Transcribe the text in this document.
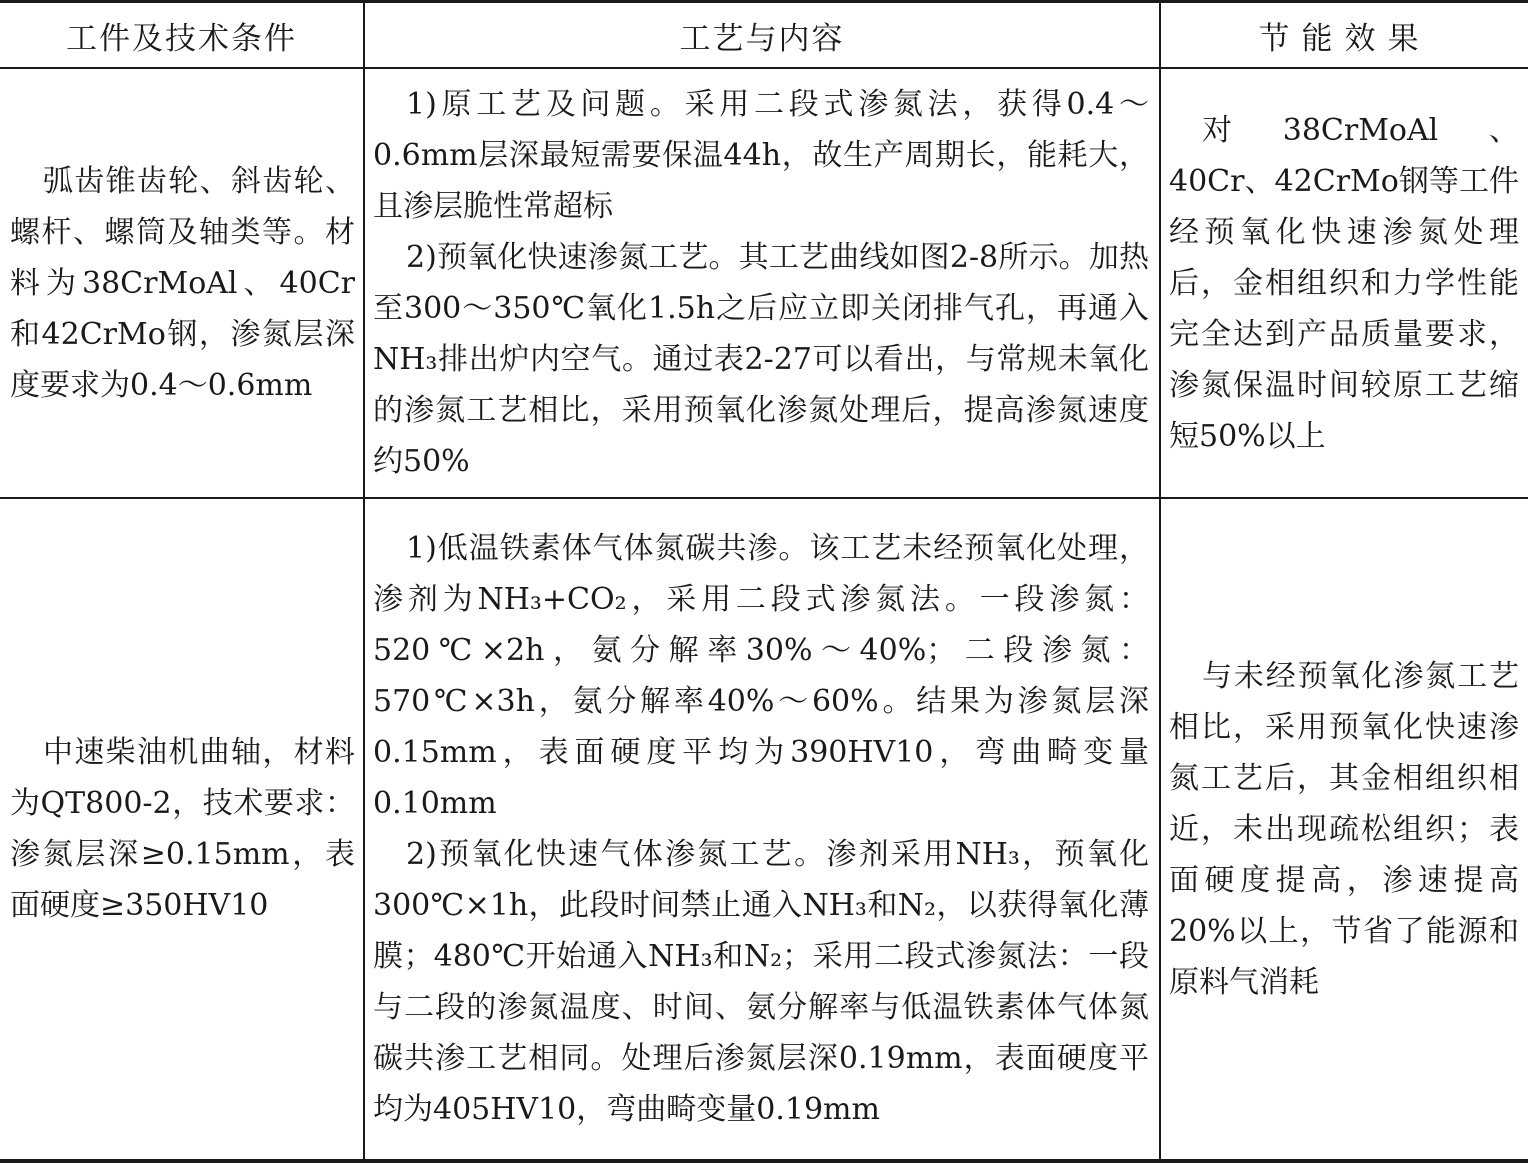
工件及技术条件	工艺与内容	节能效果

弧齿锥齿轮、斜齿轮、螺杆、螺筒及轴类等。材料为38CrMoAl、40Cr和42CrMo钢，渗氮层深度要求为0.4～0.6mm

1)原工艺及问题。采用二段式渗氮法，获得0.4～0.6mm层深最短需要保温44h，故生产周期长，能耗大，且渗层脆性常超标

2)预氧化快速渗氮工艺。其工艺曲线如图2-8所示。加热至300～350℃氧化1.5h之后应立即关闭排气孔，再通入NH₃排出炉内空气。通过表2-27可以看出，与常规未氧化的渗氮工艺相比，采用预氧化渗氮处理后，提高渗氮速度约50%

对38CrMoAl、40Cr、42CrMo钢等工件经预氧化快速渗氮处理后，金相组织和力学性能完全达到产品质量要求，渗氮保温时间较原工艺缩短50%以上

中速柴油机曲轴，材料为QT800-2，技术要求：渗氮层深≥0.15mm，表面硬度≥350HV10

1)低温铁素体气体氮碳共渗。该工艺未经预氧化处理，渗剂为NH₃+CO₂，采用二段式渗氮法。一段渗氮：520℃×2h，氨分解率30%～40%；二段渗氮：570℃×3h，氨分解率40%～60%。结果为渗氮层深0.15mm，表面硬度平均为390HV10，弯曲畸变量0.10mm

2)预氧化快速气体渗氮工艺。渗剂采用NH₃，预氧化300℃×1h，此段时间禁止通入NH₃和N₂，以获得氧化薄膜；480℃开始通入NH₃和N₂；采用二段式渗氮法：一段与二段的渗氮温度、时间、氨分解率与低温铁素体气体氮碳共渗工艺相同。处理后渗氮层深0.19mm，表面硬度平均为405HV10，弯曲畸变量0.19mm

与未经预氧化渗氮工艺相比，采用预氧化快速渗氮工艺后，其金相组织相近，未出现疏松组织；表面硬度提高，渗速提高20%以上，节省了能源和原料气消耗
